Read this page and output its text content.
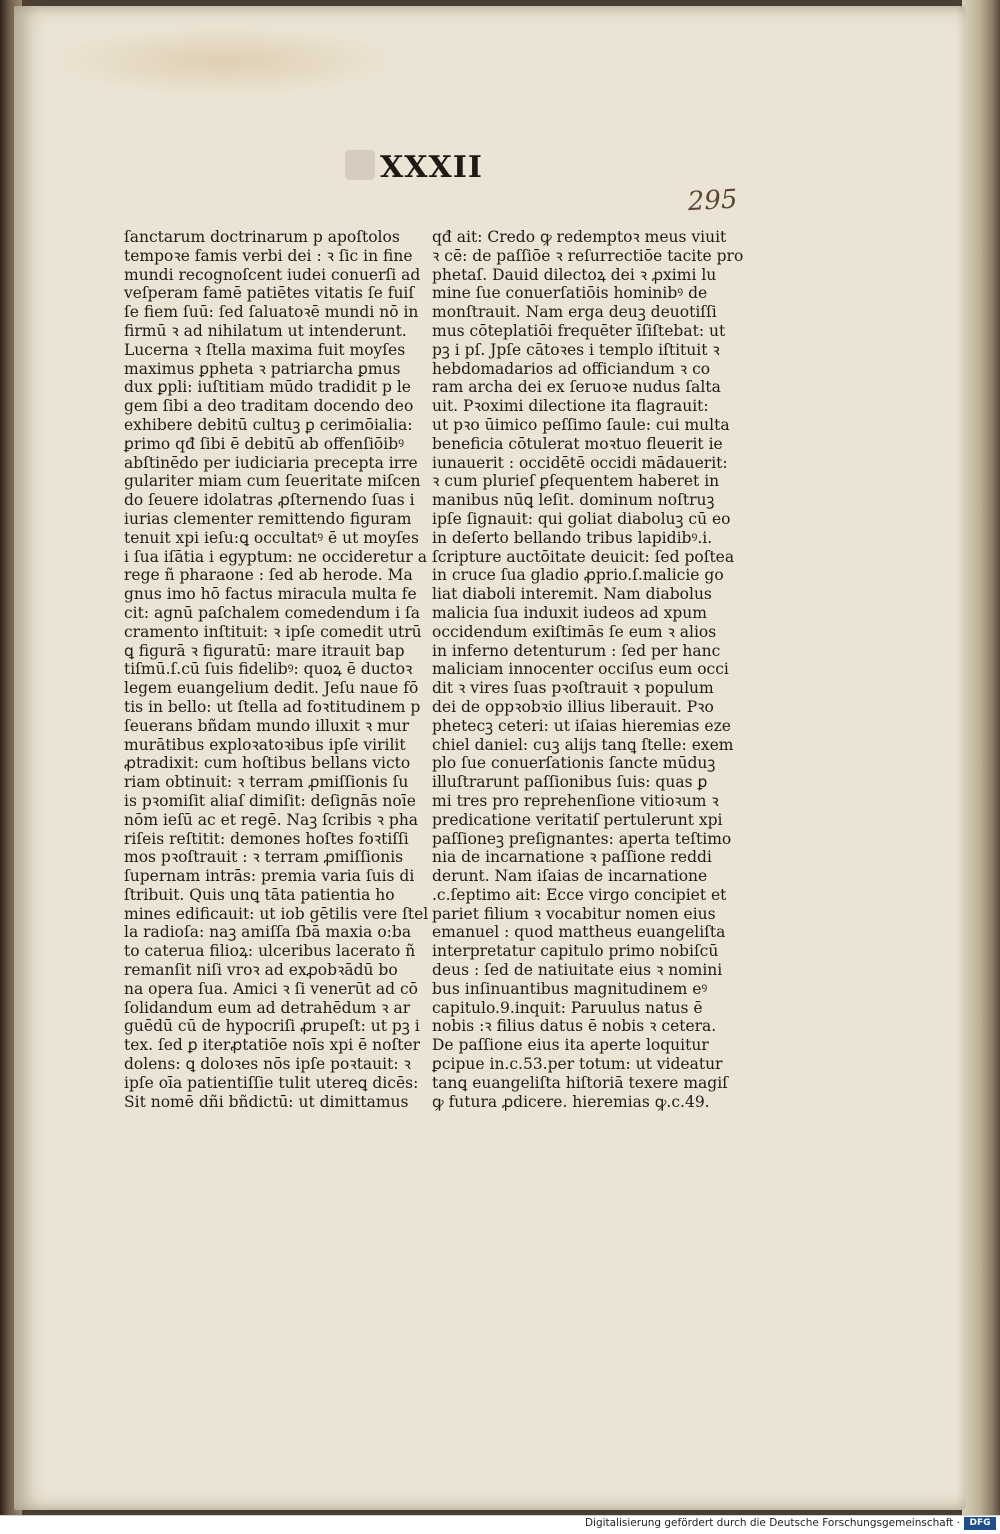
XXXII
295
ſanctarum doctrinarum p apoſtolos
tempoꝛe famis verbi dei : ꝛ ſic in fine
mundi recognoſcent iudei conuerſi ad
veſperam famē patiētes vitatis ſe fuiſ
ſe fiem ſuū: ſed ſaluatoꝛē mundi nō in
firmū ꝛ ad nihilatum ut intenderunt.
Lucerna ꝛ ſtella maxima fuit moyſes
maximus ꝑpheta ꝛ patriarcha ꝑmus
dux ꝑpli: iuſtitiam mūdo tradidit p le
gem ſibi a deo traditam docendo deo
exhibere debitū cultuꝫ ꝑ cerimōialia:
ꝑrimo qđ ſibi ē debitū ab offenſiōibꝰ
abſtinēdo per iudiciaria precepta irre
gulariter miam cum ſeueritate miſcen
do ſeuere idolatras ꝓſternendo ſuas i
iurias clementer remittendo figuram
tenuit xpi ieſu:ꝗ occultatꝰ ē ut moyſes
i ſua iſātia i egyptum: ne occideretur a
rege ñ pharaone : ſed ab herode. Ma
gnus imo hō factus miracula multa fe
cit: agnū paſchalem comedendum i ſa
cramento inſtituit: ꝛ ipſe comedit utrū
ꝗ figurā ꝛ figuratū: mare itrauit bap
tiſmū.ſ.cū ſuis fidelibꝰ: quoꝝ ē ductoꝛ
legem euangelium dedit. Jeſu naue fō
tis in bello: ut ſtella ad foꝛtitudinem p
ſeuerans bñdam mundo illuxit ꝛ mur
murātibus exploꝛatoꝛibus ipſe virilit
ꝓtradixit: cum hoſtibus bellans victo
riam obtinuit: ꝛ terram ꝓmiſſionis ſu
is pꝛomiſit aliaſ dimiſit: deſignās noīe
nōm ieſū ac et regē. Naꝫ ſcribis ꝛ pha
riſeis reſtitit: demones hoſtes foꝛtiſſi
mos pꝛoſtrauit : ꝛ terram ꝓmiſſionis
ſupernam intrās: premia varia ſuis di
ſtribuit. Quis unꝗ tāta patientia ho
mines edificauit: ut iob gētilis vere ſtel
la radioſa: naꝫ amiſſa ſbā maxia o:ba
to caterua filioꝝ: ulceribus lacerato ñ
remanſit niſi vroꝛ ad exꝓobꝛādū bo
na opera ſua. Amici ꝛ ſi venerūt ad cō
ſolidandum eum ad detrahēdum ꝛ ar
guēdū cū de hypocriſi ꝓrupeſt: ut pꝫ i
tex. ſed ꝑ iterꝓtatiōe noīs xpi ē noſter
dolens: ꝗ doloꝛes nōs ipſe poꝛtauit: ꝛ
ipſe oīa patientiſſie tulit utereꝗ dicēs:
Sit nomē dñi bñdictū: ut dimittamus
qđ ait: Credo ꝙ redemptoꝛ meus viuit
ꝛ cē: de paſſiōe ꝛ reſurrectiōe tacite pro
phetaſ. Dauid dilectoꝝ dei ꝛ ꝓximi lu
mine ſue conuerſatiōis hominibꝰ de
monſtrauit. Nam erga deuꝫ deuotiſſi
mus cōteplatiōi frequēter īſiſtebat: ut
pꝫ i pſ. Jpſe cātoꝛes i templo iſtituit ꝛ
hebdomadarios ad officiandum ꝛ co
ram archa dei ex ſeruoꝛe nudus ſalta
uit. Pꝛoximi dilectione ita flagrauit:
ut pꝛo ūimico peſſimo ſaule: cui multa
beneficia cōtulerat moꝛtuo fleuerit ie
iunauerit : occidētē occidi mādauerit:
ꝛ cum plurieſ ꝑſequentem haberet in
manibus nūꝗ leſit. dominum noſtruꝫ
ipſe ſignauit: qui goliat diaboluꝫ cū eo
in deſerto bellando tribus lapidibꝰ.i.
ſcripture auctōitate deuicit: ſed poſtea
in cruce ſua gladio ꝓprio.ſ.malicie go
liat diaboli interemit. Nam diabolus
malicia ſua induxit iudeos ad xpum
occidendum exiſtimās ſe eum ꝛ alios
in inferno detenturum : ſed per hanc
maliciam innocenter occiſus eum occi
dit ꝛ vires ſuas pꝛoſtrauit ꝛ populum
dei de oppꝛobꝛio illius liberauit. Pꝛo
phetecꝫ ceteri: ut iſaias hieremias eze
chiel daniel: cuꝫ alijs tanꝗ ſtelle: exem
plo ſue conuerſationis ſancte mūduꝫ
illuſtrarunt paſſionibus ſuis: quas ꝑ
mi tres pro reprehenſione vitioꝛum ꝛ
predicatione veritatiſ pertulerunt xpi
paſſioneꝫ preſignantes: aperta teſtimo
nia de incarnatione ꝛ paſſione reddi
derunt. Nam iſaias de incarnatione
.c.ſeptimo ait: Ecce virgo concipiet et
pariet filium ꝛ vocabitur nomen eius
emanuel : quod mattheus euangeliſta
interpretatur capitulo primo nobiſcū
deus : ſed de natiuitate eius ꝛ nomini
bus inſinuantibus magnitudinem eꝰ
capitulo.9.inquit: Paruulus natus ē
nobis :ꝛ filius datus ē nobis ꝛ cetera.
De paſſione eius ita aperte loquitur
ꝑcipue in.c.53.per totum: ut videatur
tanꝗ euangeliſta hiſtoriā texere magiſ
ꝙ futura ꝓdicere. hieremias ꝙ.c.49.
Digitalisierung gefördert durch die Deutsche Forschungsgemeinschaft ·	DFG
